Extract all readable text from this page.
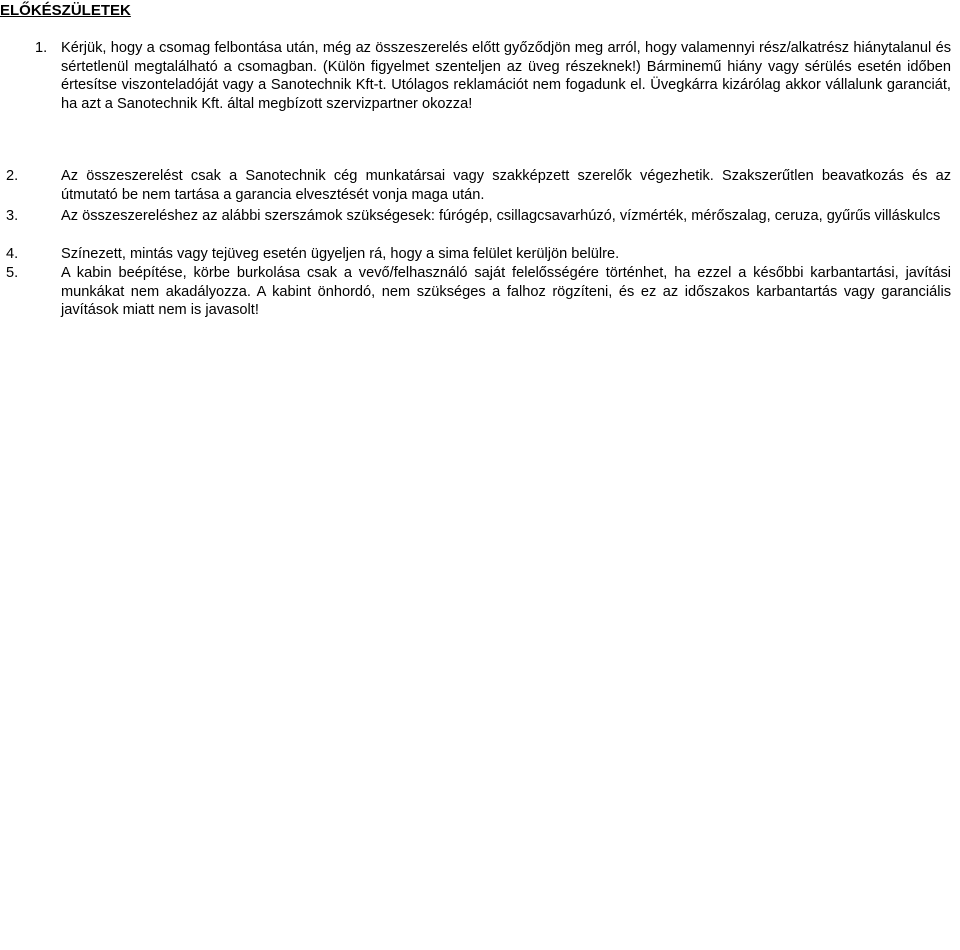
ELŐKÉSZÜLETEK
1. Kérjük, hogy a csomag felbontása után, még az összeszerelés előtt győződjön meg arról, hogy valamennyi rész/alkatrész hiánytalanul és sértetlenül megtalálható a csomagban. (Külön figyelmet szenteljen az üveg részeknek!) Bárminemű hiány vagy sérülés esetén időben értesítse viszonteladóját vagy a Sanotechnik Kft-t. Utólagos reklamációt nem fogadunk el. Üvegkárra kizárólag akkor vállalunk garanciát, ha azt a Sanotechnik Kft. által megbízott szervizpartner okozza!
2.	Az összeszerelést csak a Sanotechnik cég munkatársai vagy szakképzett szerelők végezhetik. Szakszerűtlen beavatkozás és az útmutató be nem tartása a garancia elvesztését vonja maga után.
3.	Az összeszereléshez az alábbi szerszámok szükségesek: fúrógép, csillagcsavarhúzó, vízmérték, mérőszalag, ceruza, gyűrűs villáskulcs
4.	Színezett, mintás vagy tejüveg esetén ügyeljen rá, hogy a sima felület kerüljön belülre.
5.	A kabin beépítése, körbe burkolása csak a vevő/felhasználó saját felelősségére történhet, ha ezzel a későbbi karbantartási, javítási munkákat nem akadályozza. A kabint önhordó, nem szükséges a falhoz rögzíteni, és ez az időszakos karbantartás vagy garanciális javítások miatt nem is javasolt!
